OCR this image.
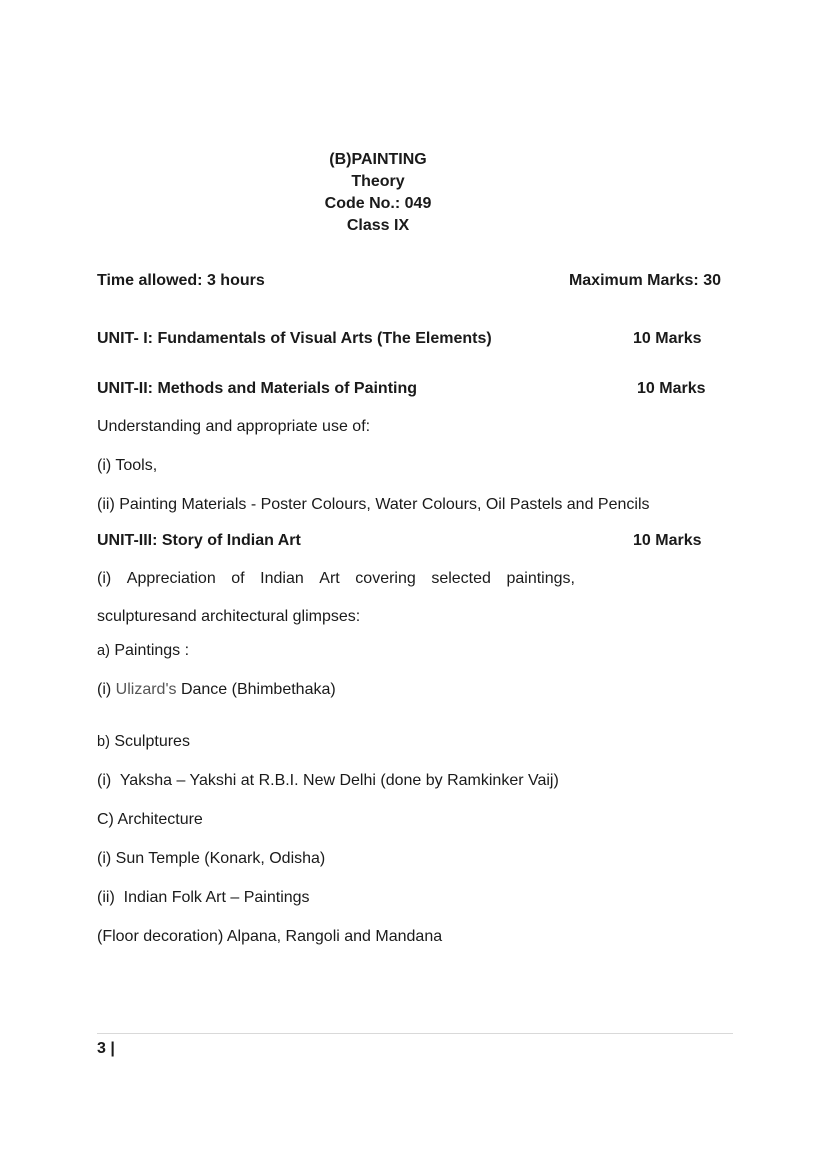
(B)PAINTING
Theory
Code No.: 049
Class IX
Time allowed: 3 hours	Maximum Marks: 30
UNIT- I: Fundamentals of Visual Arts (The Elements)	10 Marks
UNIT-II: Methods and Materials of Painting	10 Marks
Understanding and appropriate use of:
(i) Tools,
(ii) Painting Materials - Poster Colours, Water Colours, Oil Pastels and Pencils
UNIT-III: Story of Indian Art	10 Marks
(i) Appreciation of Indian Art covering selected paintings,
sculpturesand architectural glimpses:
a) Paintings :
(i) Ulizard's Dance (Bhimbethaka)
b) Sculptures
(i)  Yaksha – Yakshi at R.B.I. New Delhi (done by Ramkinker Vaij)
C) Architecture
(i) Sun Temple (Konark, Odisha)
(ii)  Indian Folk Art – Paintings
(Floor decoration) Alpana, Rangoli and Mandana
3 |
